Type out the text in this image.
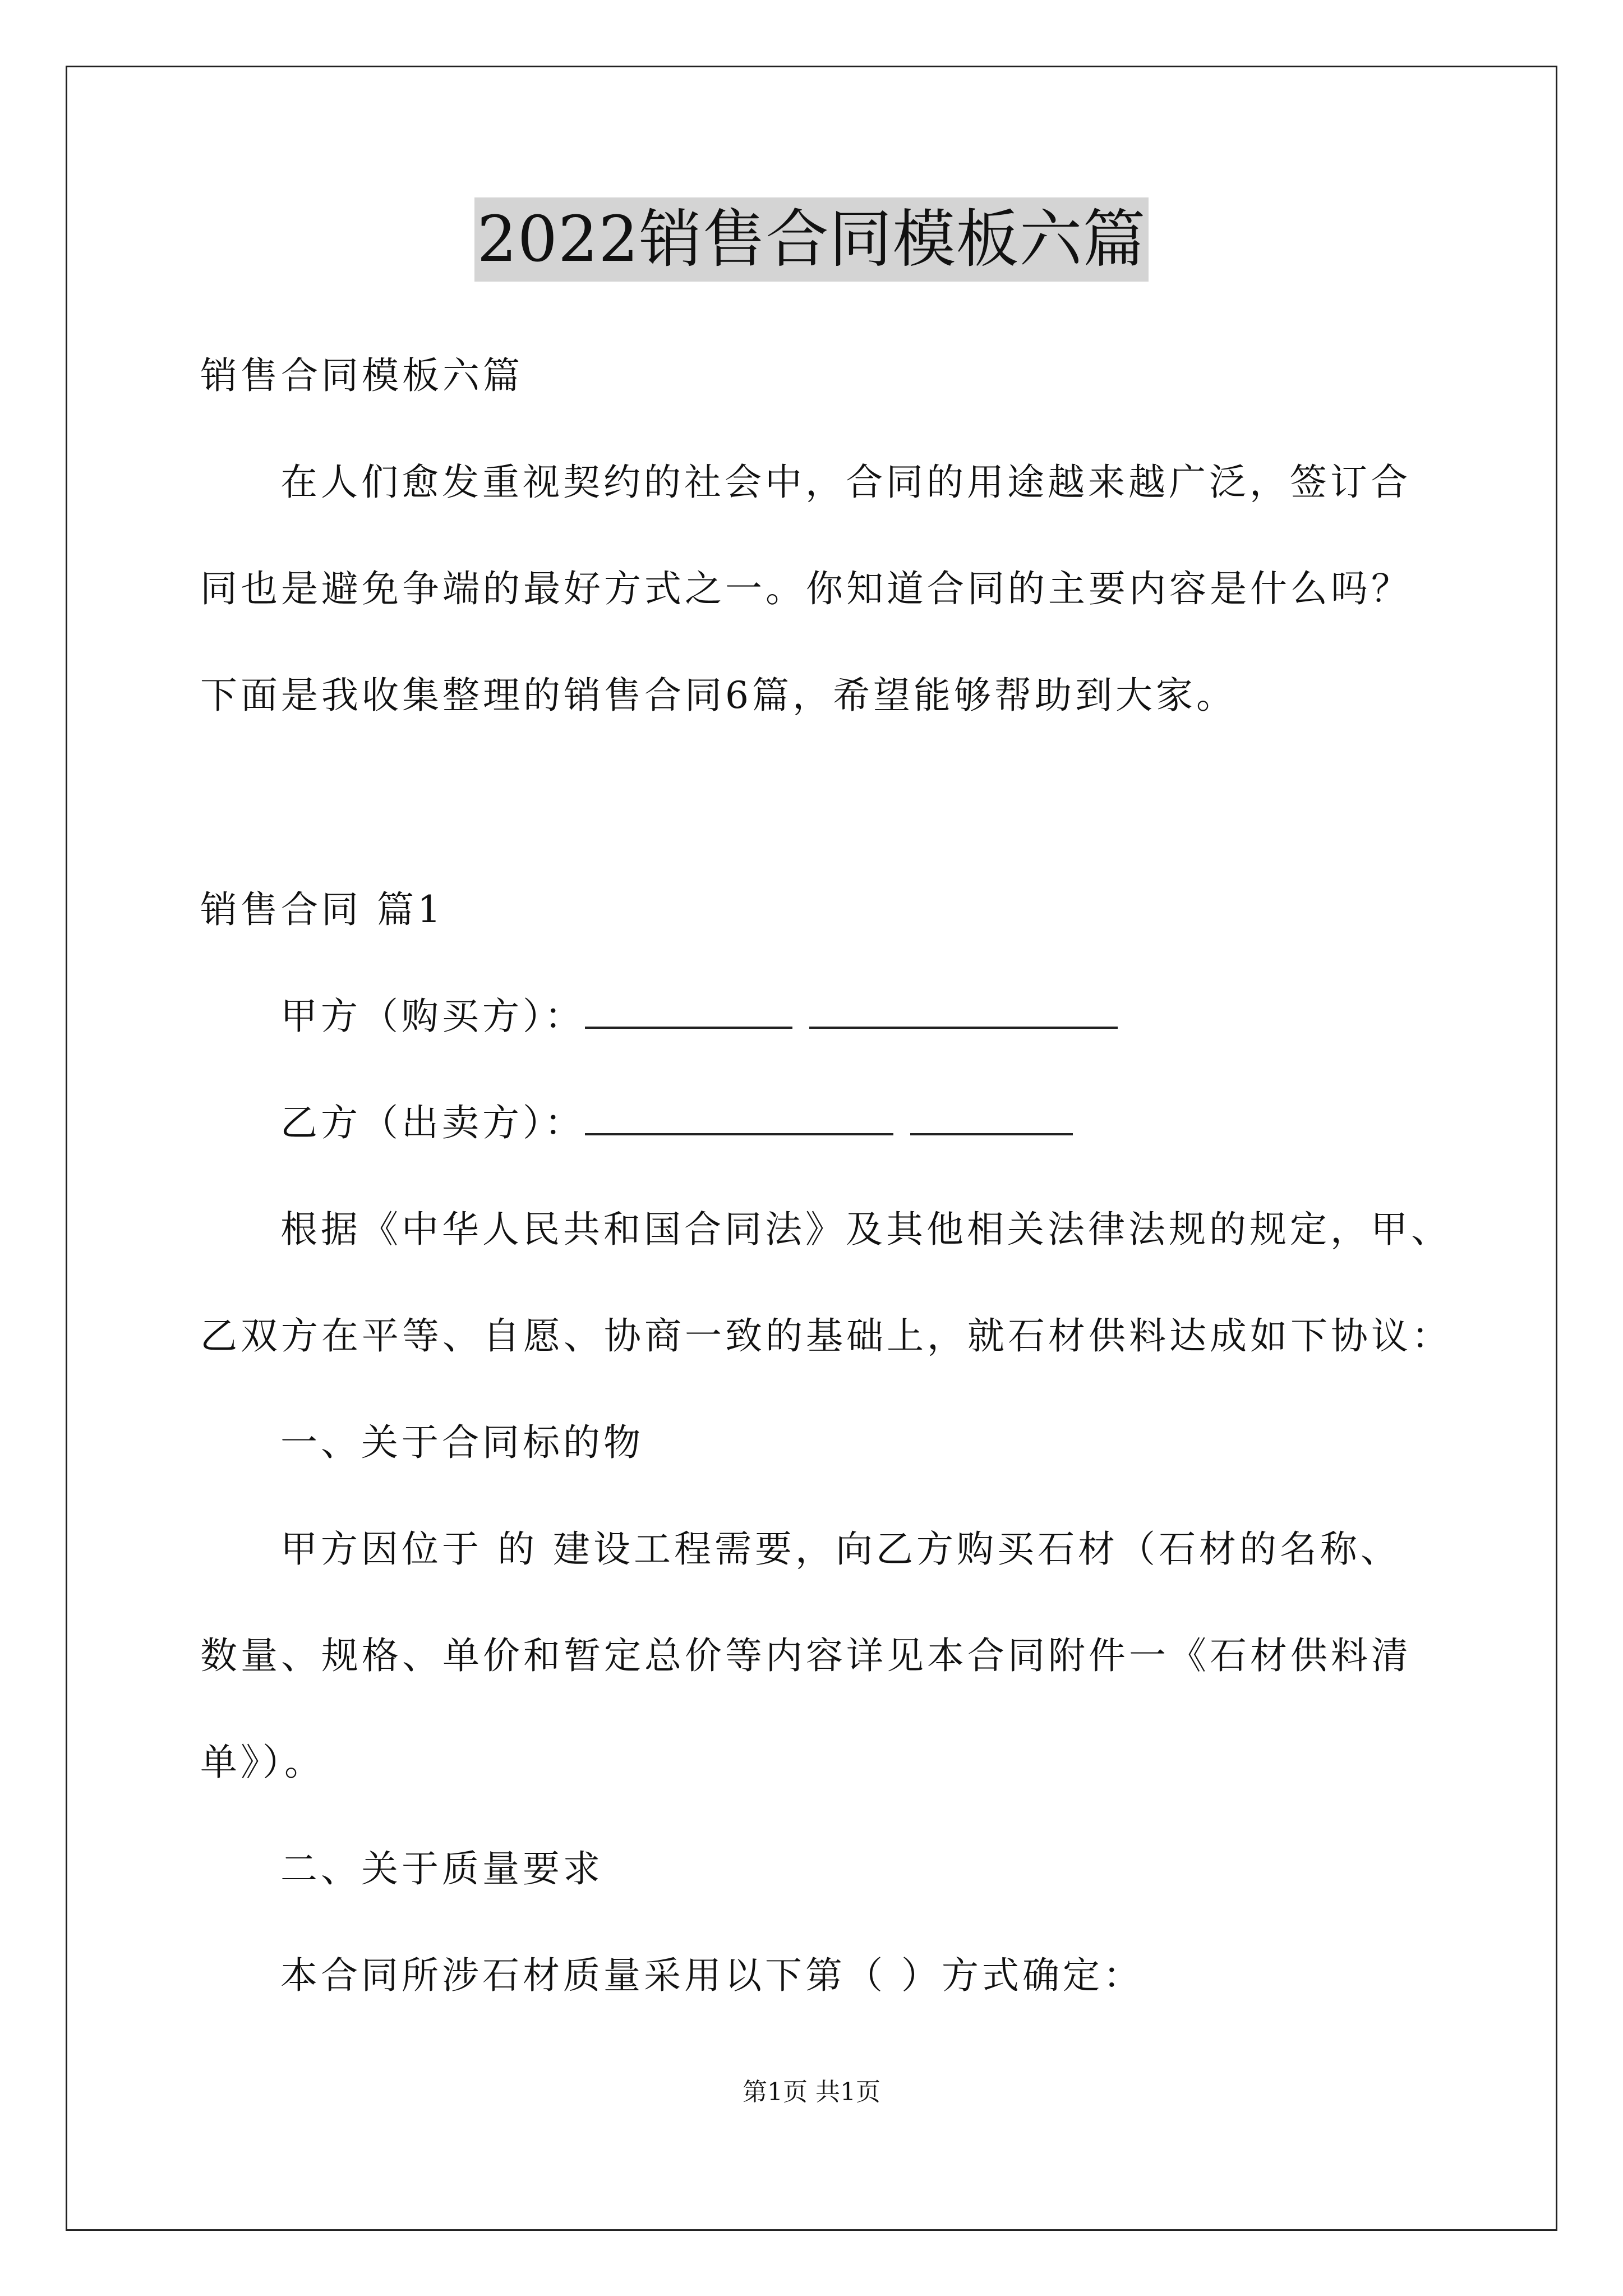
2022销售合同模板六篇
销售合同模板六篇
在人们愈发重视契约的社会中，合同的用途越来越广泛，签订合
同也是避免争端的最好方式之一。你知道合同的主要内容是什么吗？
下面是我收集整理的销售合同6篇，希望能够帮助到大家。
销售合同 篇1
甲方（购买方）：
乙方（出卖方）：
根据《中华人民共和国合同法》及其他相关法律法规的规定，甲、
乙双方在平等、自愿、协商一致的基础上，就石材供料达成如下协议：
一、关于合同标的物
甲方因位于 的 建设工程需要，向乙方购买石材（石材的名称、
数量、规格、单价和暂定总价等内容详见本合同附件一《石材供料清
单》）。
二、关于质量要求
本合同所涉石材质量采用以下第（ ）方式确定：
第1页 共1页
